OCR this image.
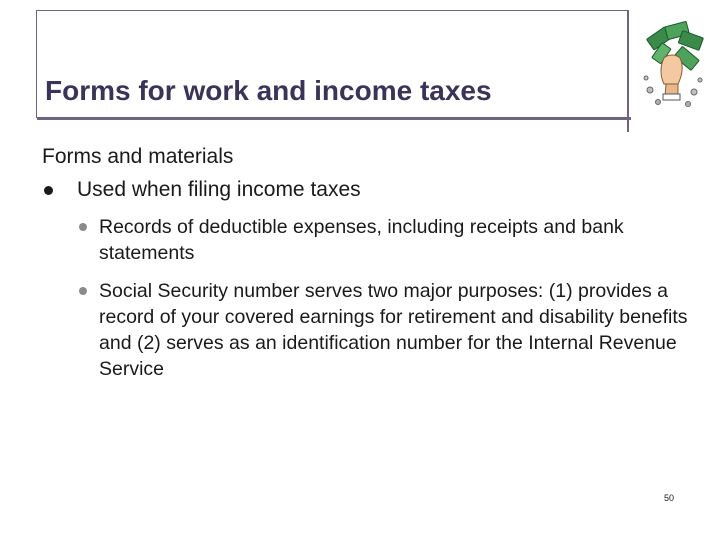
Forms for work and income taxes
Forms and materials
Used when filing income taxes
Records of deductible expenses, including receipts and bank statements
Social Security number serves two major purposes: (1) provides a record of your covered earnings for retirement and disability benefits and (2) serves as an identification number for the Internal Revenue Service
50
